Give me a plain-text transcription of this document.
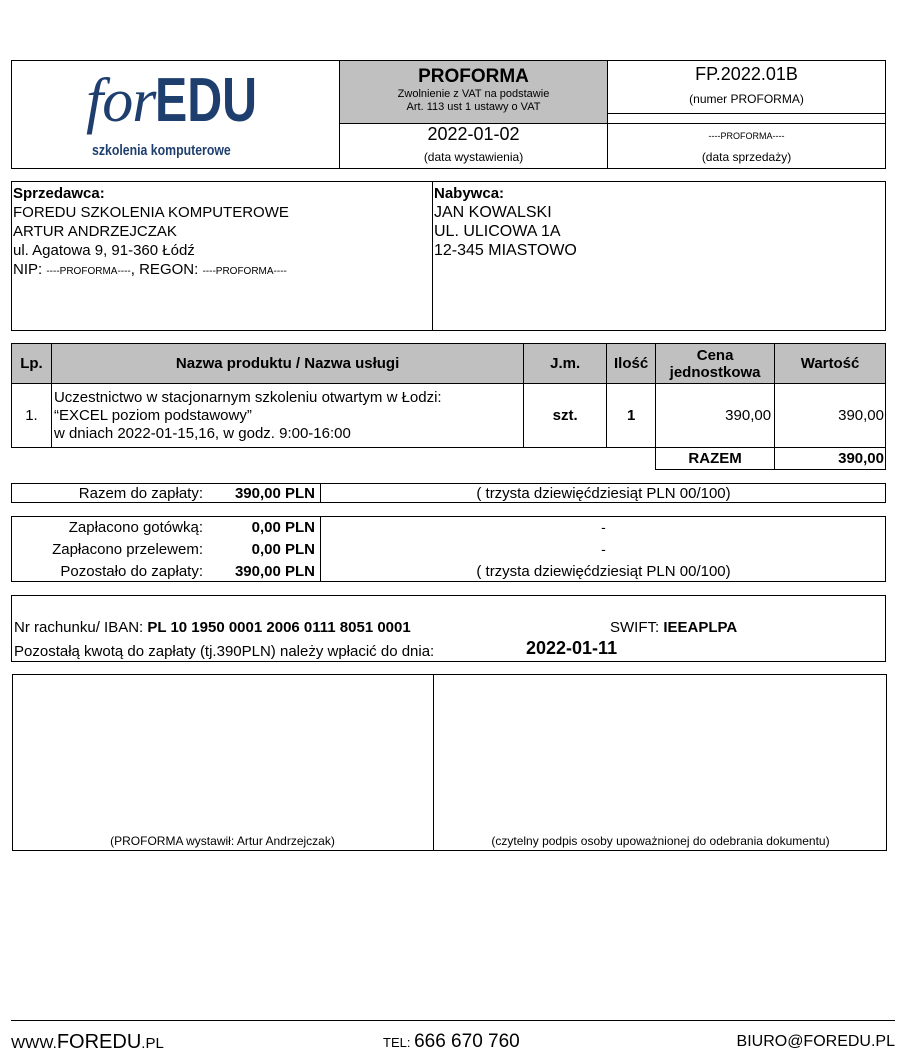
forEDU
szkolenia komputerowe
PROFORMA
Zwolnienie z VAT na podstawie
Art. 113 ust 1 ustawy o VAT
FP.2022.01B
(numer PROFORMA)
2022-01-02
(data wystawienia)
----PROFORMA----
(data sprzedaży)
Sprzedawca:
FOREDU SZKOLENIA KOMPUTEROWE
ARTUR ANDRZEJCZAK
ul. Agatowa 9, 91-360 Łódź
NIP: ----PROFORMA----, REGON: ----PROFORMA----
Nabywca:
JAN KOWALSKI
UL. ULICOWA 1A
12-345 MIASTOWO
Lp.	Nazwa produktu / Nazwa usługi	J.m.	Ilość	Cena jednostkowa	Wartość
1.	Uczestnictwo w stacjonarnym szkoleniu otwartym w Łodzi:
“EXCEL poziom podstawowy”
w dniach 2022-01-15,16, w godz. 9:00-16:00	szt.	1	390,00	390,00
				RAZEM	390,00
Razem do zapłaty:	390,00 PLN	( trzysta dziewięćdziesiąt PLN 00/100)
Zapłacono gotówką:	0,00 PLN	-
Zapłacono przelewem:	0,00 PLN	-
Pozostało do zapłaty:	390,00 PLN	( trzysta dziewięćdziesiąt PLN 00/100)
Nr rachunku/ IBAN: PL 10 1950 0001 2006 0111 8051 0001	SWIFT: IEEAPLPA
Pozostałą kwotą do zapłaty (tj.390PLN) należy wpłacić do dnia:	2022-01-11
(PROFORMA wystawił: Artur Andrzejczak)	(czytelny podpis osoby upoważnionej do odebrania dokumentu)
WWW.FOREDU.PL	TEL: 666 670 760	BIURO@FOREDU.PL
